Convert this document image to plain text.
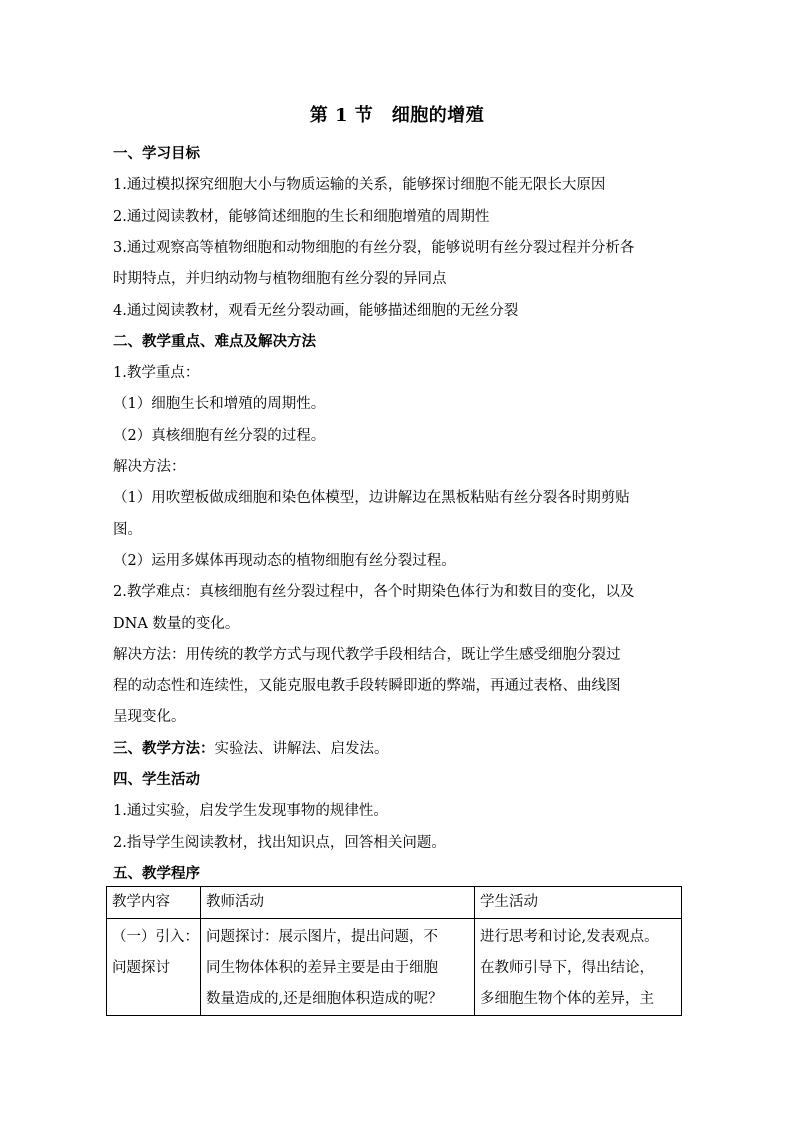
第 1 节　细胞的增殖
一、学习目标
1.通过模拟探究细胞大小与物质运输的关系，能够探讨细胞不能无限长大原因
2.通过阅读教材，能够简述细胞的生长和细胞增殖的周期性
3.通过观察高等植物细胞和动物细胞的有丝分裂，能够说明有丝分裂过程并分析各
时期特点，并归纳动物与植物细胞有丝分裂的异同点
4.通过阅读教材，观看无丝分裂动画，能够描述细胞的无丝分裂
二、教学重点、难点及解决方法
1.教学重点：
（1）细胞生长和增殖的周期性。
（2）真核细胞有丝分裂的过程。
解决方法：
（1）用吹塑板做成细胞和染色体模型，边讲解边在黑板粘贴有丝分裂各时期剪贴
图。
（2）运用多媒体再现动态的植物细胞有丝分裂过程。
2.教学难点：真核细胞有丝分裂过程中，各个时期染色体行为和数目的变化，以及
DNA 数量的变化。
解决方法：用传统的教学方式与现代教学手段相结合，既让学生感受细胞分裂过
程的动态性和连续性，又能克服电教手段转瞬即逝的弊端，再通过表格、曲线图
呈现变化。
三、教学方法：实验法、讲解法、启发法。
四、学生活动
1.通过实验，启发学生发现事物的规律性。
2.指导学生阅读教材，找出知识点，回答相关问题。
五、教学程序
教学内容	教师活动	学生活动

（一）引入：
问题探讨	问题探讨：展示图片，提出问题，不
同生物体体积的差异主要是由于细胞
数量造成的,还是细胞体积造成的呢？	进行思考和讨论,发表观点。
在教师引导下，得出结论，
多细胞生物个体的差异，主
